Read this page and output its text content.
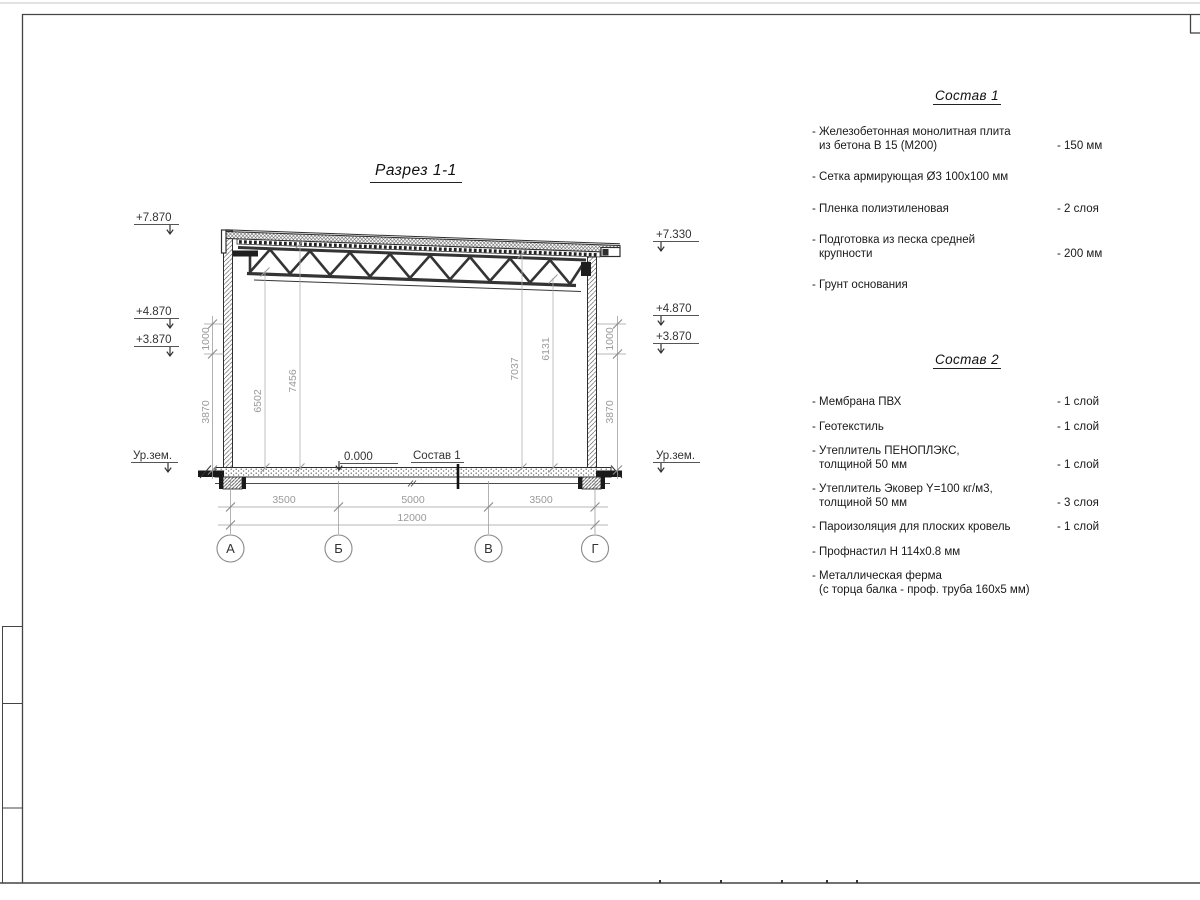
+7.870
+4.870
+3.870
Ур.зем.
+7.330
+4.870
+3.870
Ур.зем.
0.000	Состав 1
1000
3870
1000
3870
6502
7456
7037
6131
3500	5000	3500
12000
А	Б	В	Г
Разрез 1-1
Состав 1
- Железобетонная монолитная плита
из бетона В 15 (М200)	- 150 мм
- Сетка армирующая Ø3 100x100 мм
- Пленка полиэтиленовая	- 2 слоя
- Подготовка из песка средней
крупности	- 200 мм
- Грунт основания
Состав 2
- Мембрана ПВХ	- 1 слой
- Геотекстиль	- 1 слой
- Утеплитель ПЕНОПЛЭКС,
толщиной 50 мм	- 1 слой
- Утеплитель Эковер Y=100 кг/м3,
толщиной 50 мм	- 3 слоя
- Пароизоляция для плоских кровель	- 1 слой
- Профнастил Н 114х0.8 мм
- Металлическая ферма
(с торца балка - проф. труба 160х5 мм)
